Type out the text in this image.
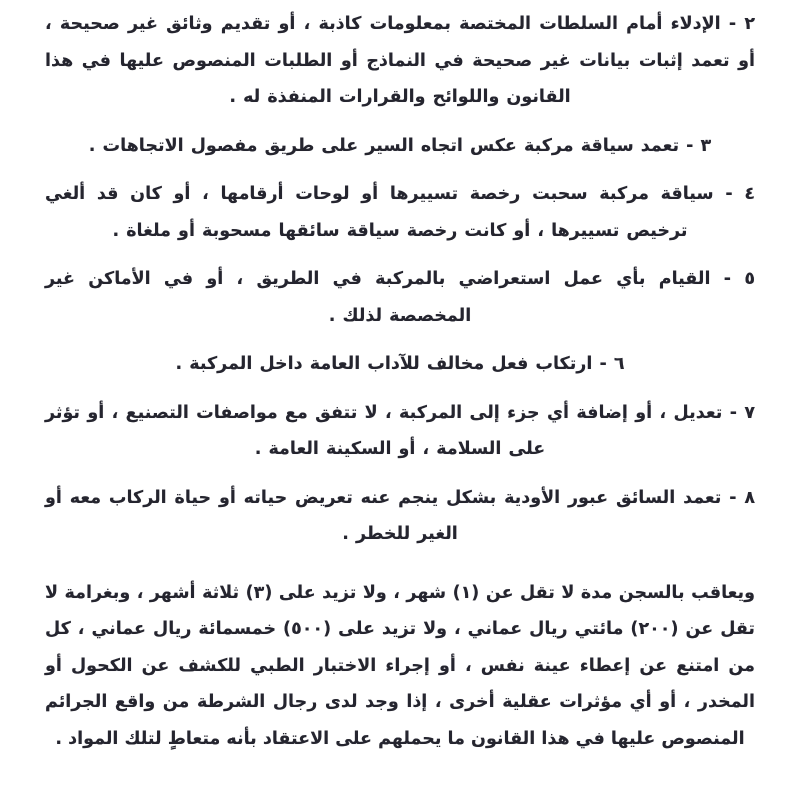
٢ - الإدلاء أمام السلطات المختصة بمعلومات كاذبة ، أو تقديم وثائق غير صحيحة ، أو تعمد إثبات بيانات غير صحيحة في النماذج أو الطلبات المنصوص عليها في هذا القانون واللوائح والقرارات المنفذة له .

٣ - تعمد سياقة مركبة عكس اتجاه السير على طريق مفصول الاتجاهات .

٤ - سياقة مركبة سحبت رخصة تسييرها أو لوحات أرقامها ، أو كان قد ألغي ترخيص تسييرها ، أو كانت رخصة سياقة سائقها مسحوبة أو ملغاة .

٥ - القيام بأي عمل استعراضي بالمركبة في الطريق ، أو في الأماكن غير المخصصة لذلك .

٦ - ارتكاب فعل مخالف للآداب العامة داخل المركبة .

٧ - تعديل ، أو إضافة أي جزء إلى المركبة ، لا تتفق مع مواصفات التصنيع ، أو تؤثر على السلامة ، أو السكينة العامة .

٨ - تعمد السائق عبور الأودية بشكل ينجم عنه تعريض حياته أو حياة الركاب معه أو الغير للخطر .

ويعاقب بالسجن مدة لا تقل عن (١) شهر ، ولا تزيد على (٣) ثلاثة أشهر ، وبغرامة لا تقل عن (٢٠٠) مائتي ريال عماني ، ولا تزيد على (٥٠٠) خمسمائة ريال عماني ، كل من امتنع عن إعطاء عينة نفس ، أو إجراء الاختبار الطبي للكشف عن الكحول أو المخدر ، أو أي مؤثرات عقلية أخرى ، إذا وجد لدى رجال الشرطة من واقع الجرائم المنصوص عليها في هذا القانون ما يحملهم على الاعتقاد بأنه متعاطٍ لتلك المواد .
